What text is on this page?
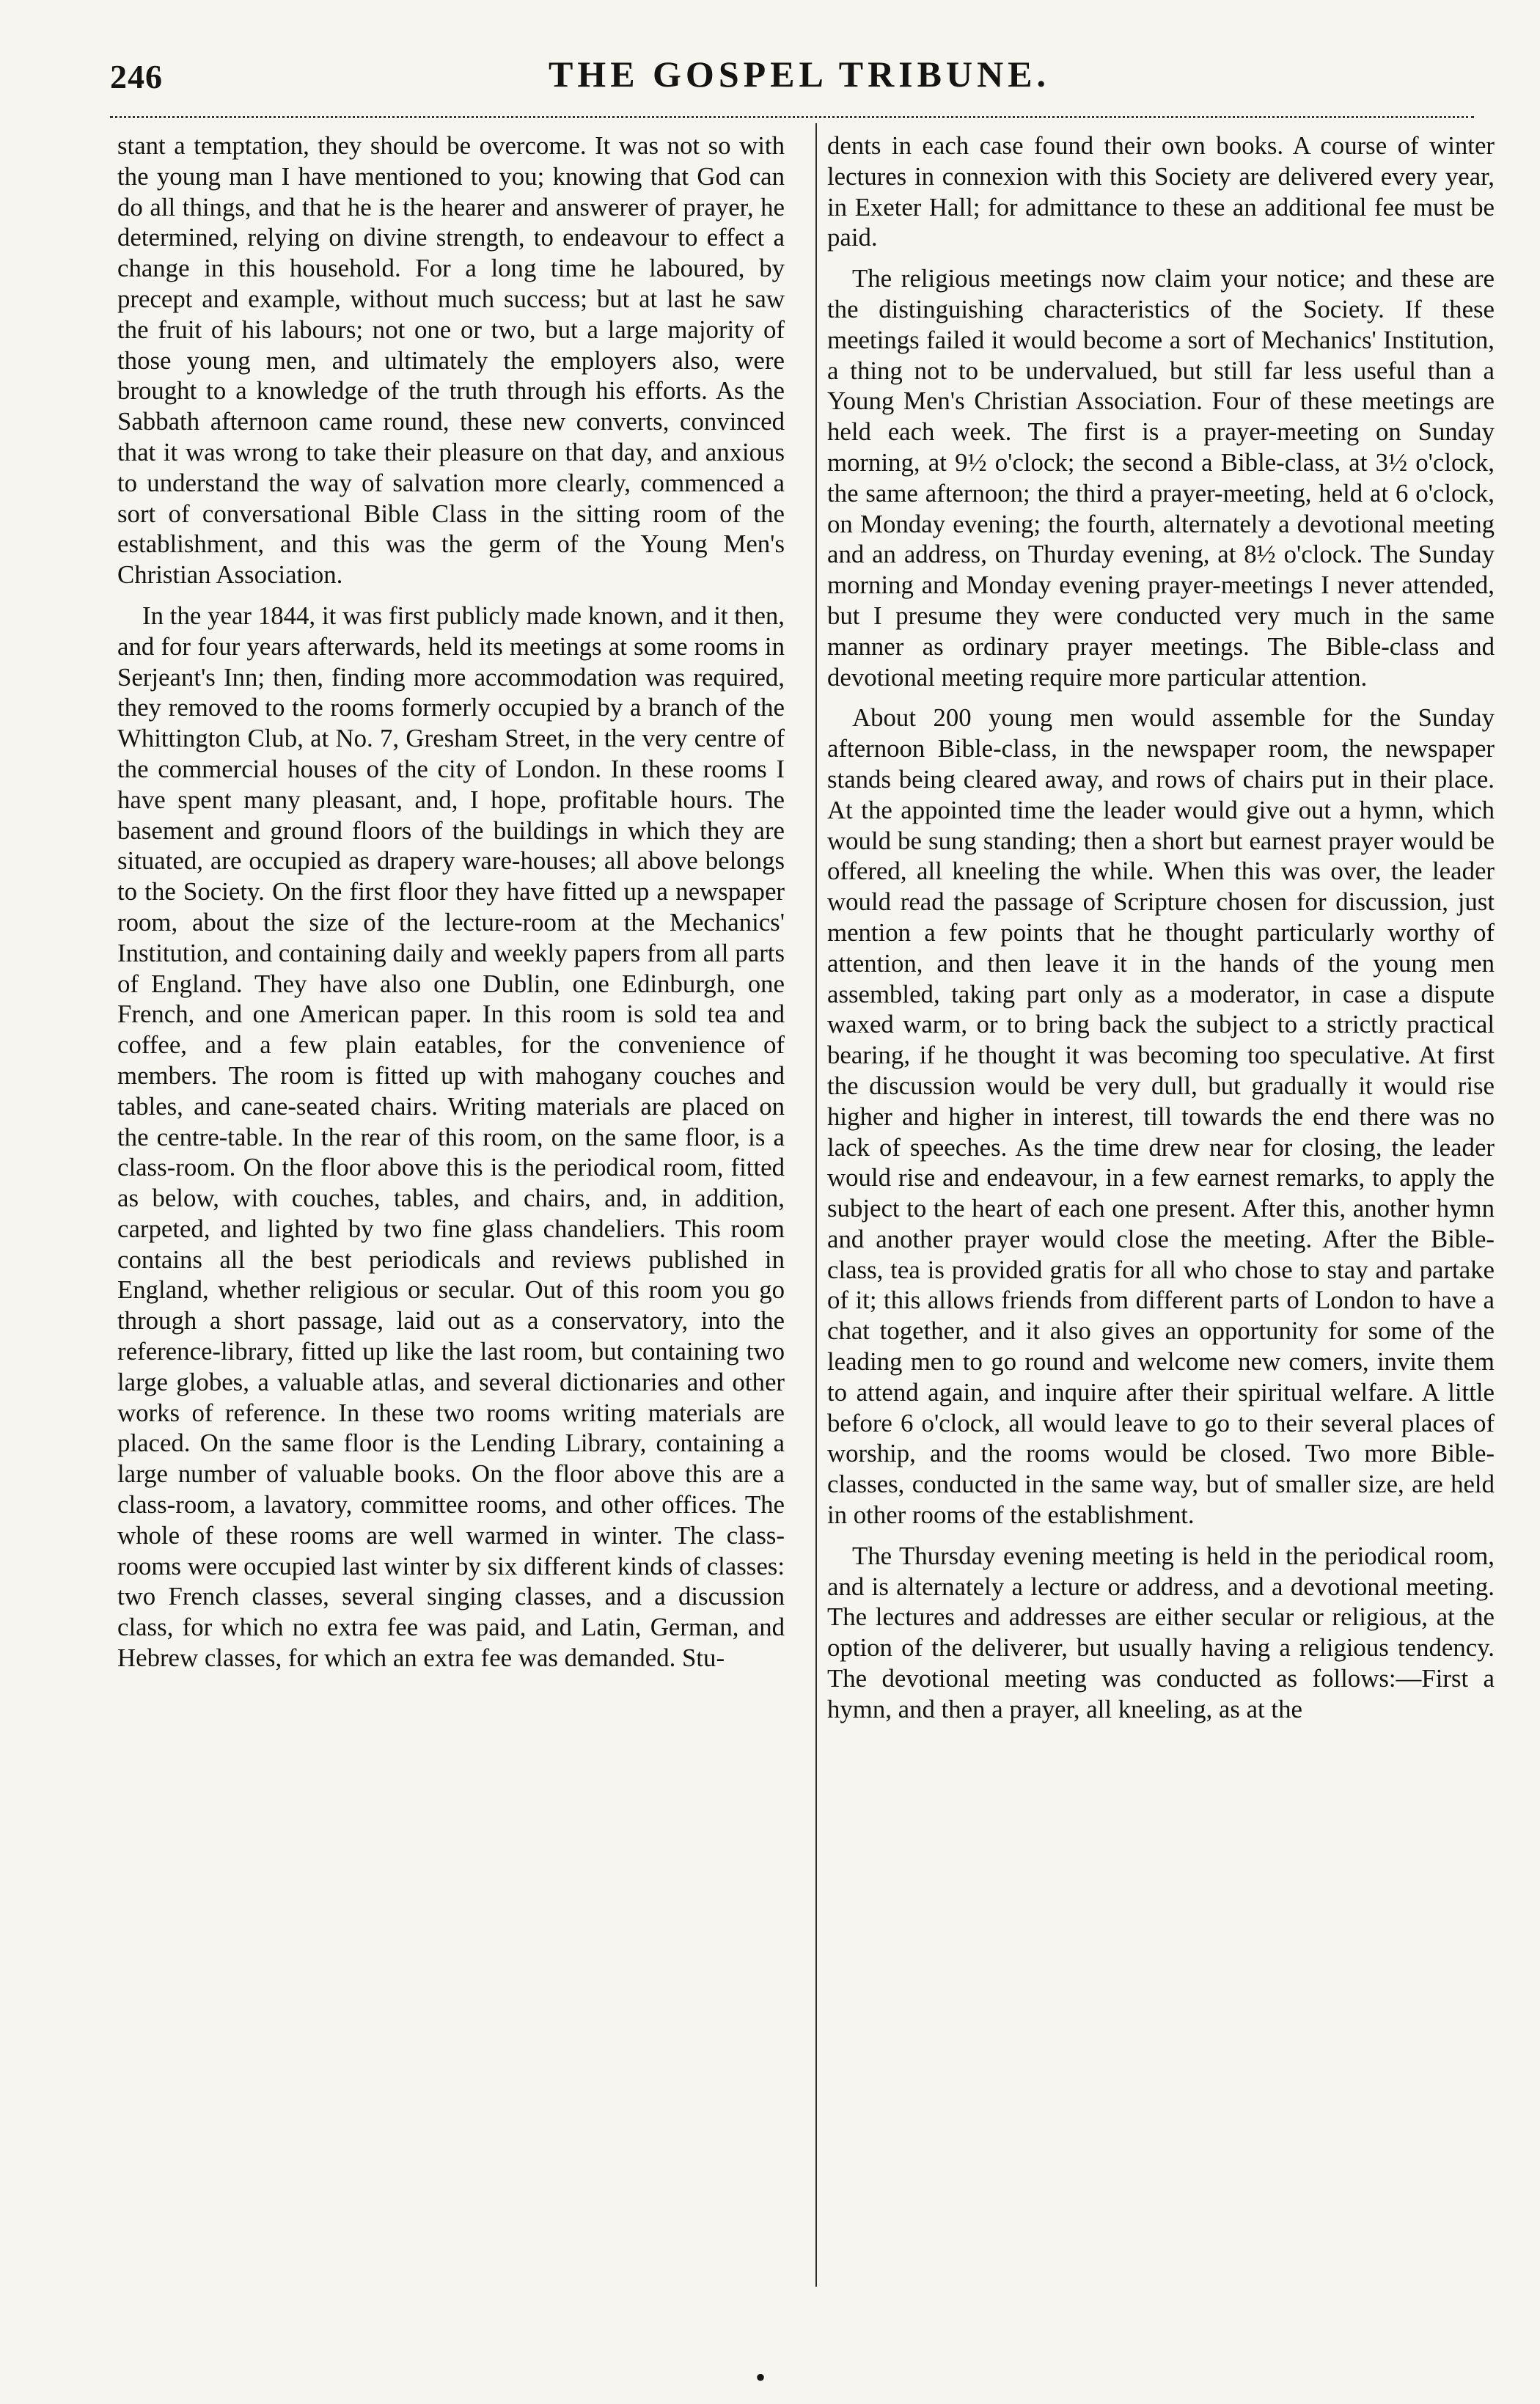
246	THE GOSPEL TRIBUNE.

stant a temptation, they should be overcome. It was not so with the young man I have mentioned to you; knowing that God can do all things, and that he is the hearer and answerer of prayer, he determined, relying on divine strength, to endeavour to effect a change in this household. For a long time he laboured, by precept and example, without much success; but at last he saw the fruit of his labours; not one or two, but a large majority of those young men, and ultimately the employers also, were brought to a knowledge of the truth through his efforts. As the Sabbath afternoon came round, these new converts, convinced that it was wrong to take their pleasure on that day, and anxious to understand the way of salvation more clearly, commenced a sort of conversational Bible Class in the sitting room of the establishment, and this was the germ of the Young Men's Christian Association.

In the year 1844, it was first publicly made known, and it then, and for four years afterwards, held its meetings at some rooms in Serjeant's Inn; then, finding more accommodation was required, they removed to the rooms formerly occupied by a branch of the Whittington Club, at No. 7, Gresham Street, in the very centre of the commercial houses of the city of London. In these rooms I have spent many pleasant, and, I hope, profitable hours. The basement and ground floors of the buildings in which they are situated, are occupied as drapery ware-houses; all above belongs to the Society. On the first floor they have fitted up a newspaper room, about the size of the lecture-room at the Mechanics' Institution, and containing daily and weekly papers from all parts of England. They have also one Dublin, one Edinburgh, one French, and one American paper. In this room is sold tea and coffee, and a few plain eatables, for the convenience of members. The room is fitted up with mahogany couches and tables, and cane-seated chairs. Writing materials are placed on the centre-table. In the rear of this room, on the same floor, is a class-room. On the floor above this is the periodical room, fitted as below, with couches, tables, and chairs, and, in addition, carpeted, and lighted by two fine glass chandeliers. This room contains all the best periodicals and reviews published in England, whether religious or secular. Out of this room you go through a short passage, laid out as a conservatory, into the reference-library, fitted up like the last room, but containing two large globes, a valuable atlas, and several dictionaries and other works of reference. In these two rooms writing materials are placed. On the same floor is the Lending Library, containing a large number of valuable books. On the floor above this are a class-room, a lavatory, committee rooms, and other offices. The whole of these rooms are well warmed in winter. The class-rooms were occupied last winter by six different kinds of classes: two French classes, several singing classes, and a discussion class, for which no extra fee was paid, and Latin, German, and Hebrew classes, for which an extra fee was demanded. Stu-

dents in each case found their own books. A course of winter lectures in connexion with this Society are delivered every year, in Exeter Hall; for admittance to these an additional fee must be paid.

The religious meetings now claim your notice; and these are the distinguishing characteristics of the Society. If these meetings failed it would become a sort of Mechanics' Institution, a thing not to be undervalued, but still far less useful than a Young Men's Christian Association. Four of these meetings are held each week. The first is a prayer-meeting on Sunday morning, at 9½ o'clock; the second a Bible-class, at 3½ o'clock, the same afternoon; the third a prayer-meeting, held at 6 o'clock, on Monday evening; the fourth, alternately a devotional meeting and an address, on Thurday evening, at 8½ o'clock. The Sunday morning and Monday evening prayer-meetings I never attended, but I presume they were conducted very much in the same manner as ordinary prayer meetings. The Bible-class and devotional meeting require more particular attention.

About 200 young men would assemble for the Sunday afternoon Bible-class, in the newspaper room, the newspaper stands being cleared away, and rows of chairs put in their place. At the appointed time the leader would give out a hymn, which would be sung standing; then a short but earnest prayer would be offered, all kneeling the while. When this was over, the leader would read the passage of Scripture chosen for discussion, just mention a few points that he thought particularly worthy of attention, and then leave it in the hands of the young men assembled, taking part only as a moderator, in case a dispute waxed warm, or to bring back the subject to a strictly practical bearing, if he thought it was becoming too speculative. At first the discussion would be very dull, but gradually it would rise higher and higher in interest, till towards the end there was no lack of speeches. As the time drew near for closing, the leader would rise and endeavour, in a few earnest remarks, to apply the subject to the heart of each one present. After this, another hymn and another prayer would close the meeting. After the Bible-class, tea is provided gratis for all who chose to stay and partake of it; this allows friends from different parts of London to have a chat together, and it also gives an opportunity for some of the leading men to go round and welcome new comers, invite them to attend again, and inquire after their spiritual welfare. A little before 6 o'clock, all would leave to go to their several places of worship, and the rooms would be closed. Two more Bible-classes, conducted in the same way, but of smaller size, are held in other rooms of the establishment.

The Thursday evening meeting is held in the periodical room, and is alternately a lecture or address, and a devotional meeting. The lectures and addresses are either secular or religious, at the option of the deliverer, but usually having a religious tendency. The devotional meeting was conducted as follows:—First a hymn, and then a prayer, all kneeling, as at the

•
